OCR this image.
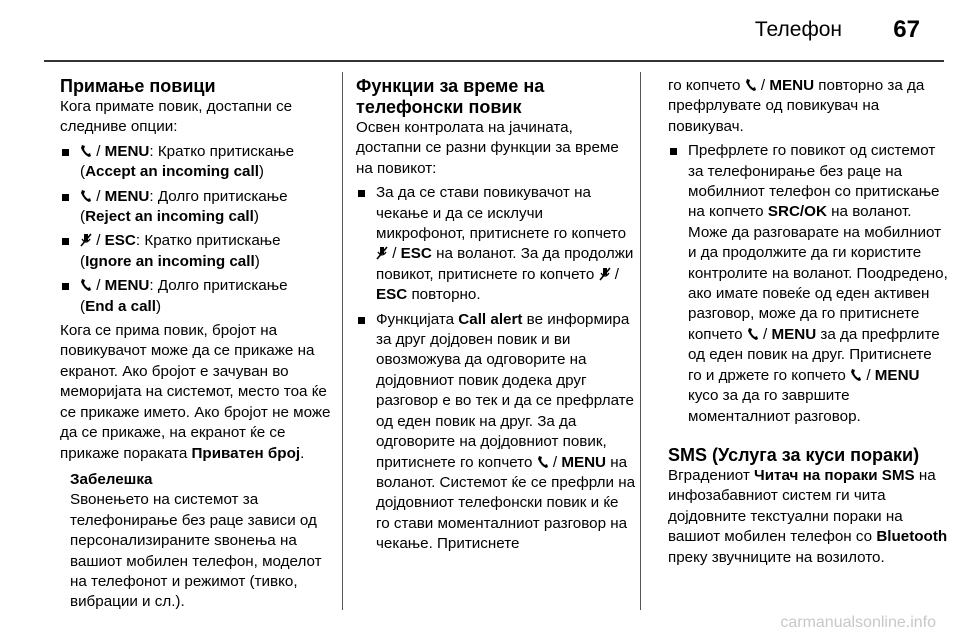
Телефон 67
Примање повици

Кога примате повик, достапни се следниве опции:

/ MENU: Кратко притискање
(Accept an incoming call)
/ MENU: Долго притискање
(Reject an incoming call)
/ ESC: Кратко притискање
(Ignore an incoming call)
/ MENU: Долго притискање
(End a call)

Кога се прима повик, бројот на повикувачот може да се прикаже на екранот. Ако бројот е зачуван во меморијата на системот, место тоа ќе се прикаже името. Ако бројот не може да се прикаже, на екранот ќе се прикаже пораката Приватен број.

Забелешка
Sвонењето на системот за телефонирање без раце зависи од персонализираните sвонења на вашиот мобилен телефон, моделот на телефонот и режимот (тивко, вибрации и сл.).
Функции за време на телефонски повик

Освен контролата на јачината, достапни се разни функции за време на повикот:

За да се стави повикувачот на чекање и да се исклучи микрофонот, притиснете го копчето  / ESC на воланот. За да продолжи повикот, притиснете го копчето  / ESC повторно.
Функцијата Call alert ве информира за друг дојдовен повик и ви овозможува да одговорите на дојдовниот повик додека друг разговор е во тек и да се префрлате од еден повик на друг. За да одговорите на дојдовниот повик, притиснете го копчето  / MENU на воланот. Системот ќе се префрли на дојдовниот телефонски повик и ќе го стави моменталниот разговор на чекање. Притиснете

го копчето  / MENU повторно за да префрлувате од повикувач на повикувач.

Префрлете го повикот од системот за телефонирање без раце на мобилниот телефон со притискање на копчето SRC/OK на воланот. Може да разговарате на мобилниот и да продолжите да ги користите контролите на воланот. Поодредено, ако имате повеќе од еден активен разговор, може да го притиснете копчето  / MENU за да префрлите од еден повик на друг. Притиснете го и држете го копчето  / MENU кусо за да го завршите моменталниот разговор.
SMS (Услуга за куси пораки)

Вградениот Читач на пораки SMS на инфозабавниот систем ги чита дојдовните текстуални пораки на вашиот мобилен телефон со Bluetooth преку звучниците на возилото.

carmanualsonline.info
